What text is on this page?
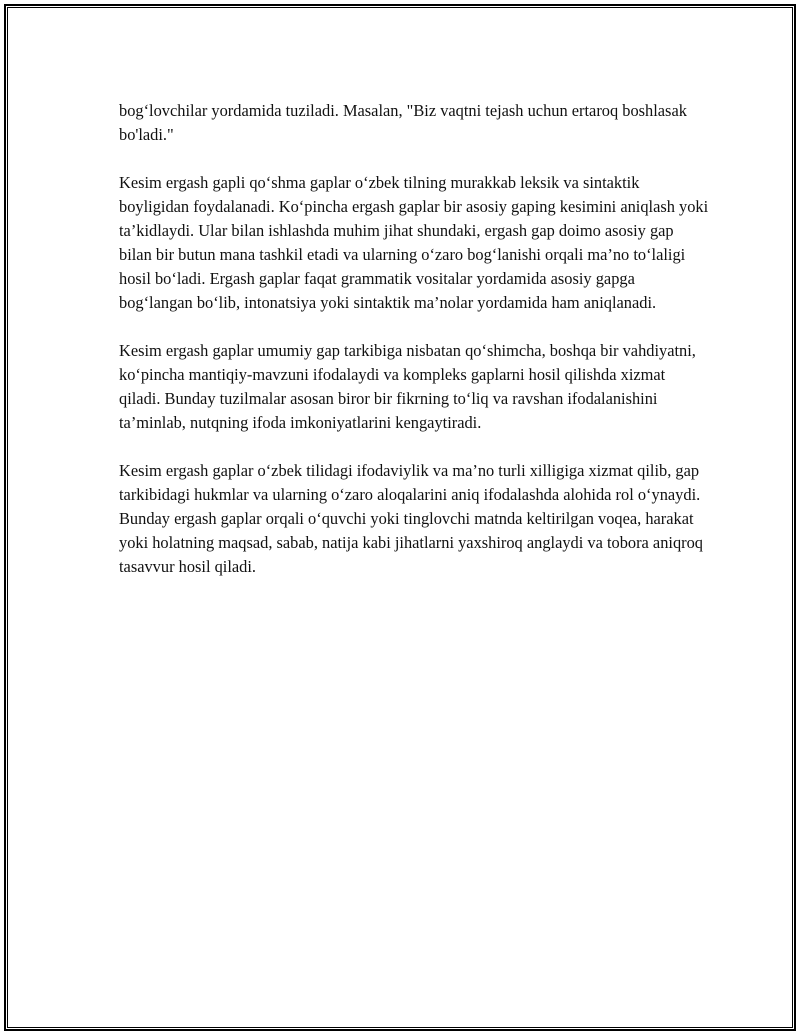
bog‘lovchilar yordamida tuziladi. Masalan, "Biz vaqtni tejash uchun ertaroq boshlasak bo'ladi."

Kesim ergash gapli qo‘shma gaplar o‘zbek tilning murakkab leksik va sintaktik boyligidan foydalanadi. Ko‘pincha ergash gaplar bir asosiy gaping kesimini aniqlash yoki ta’kidlaydi. Ular bilan ishlashda muhim jihat shundaki, ergash gap doimo asosiy gap bilan bir butun mana tashkil etadi va ularning o‘zaro bog‘lanishi orqali ma’no to‘laligi hosil bo‘ladi. Ergash gaplar faqat grammatik vositalar yordamida asosiy gapga bog‘langan bo‘lib, intonatsiya yoki sintaktik ma’nolar yordamida ham aniqlanadi.

Kesim ergash gaplar umumiy gap tarkibiga nisbatan qo‘shimcha, boshqa bir vahdiyatni, ko‘pincha mantiqiy-mavzuni ifodalaydi va kompleks gaplarni hosil qilishda xizmat qiladi. Bunday tuzilmalar asosan biror bir fikrning to‘liq va ravshan ifodalanishini ta’minlab, nutqning ifoda imkoniyatlarini kengaytiradi.

Kesim ergash gaplar o‘zbek tilidagi ifodaviylik va ma’no turli xilligiga xizmat qilib, gap tarkibidagi hukmlar va ularning o‘zaro aloqalarini aniq ifodalashda alohida rol o‘ynaydi. Bunday ergash gaplar orqali o‘quvchi yoki tinglovchi matnda keltirilgan voqea, harakat yoki holatning maqsad, sabab, natija kabi jihatlarni yaxshiroq anglaydi va tobora aniqroq tasavvur hosil qiladi.
